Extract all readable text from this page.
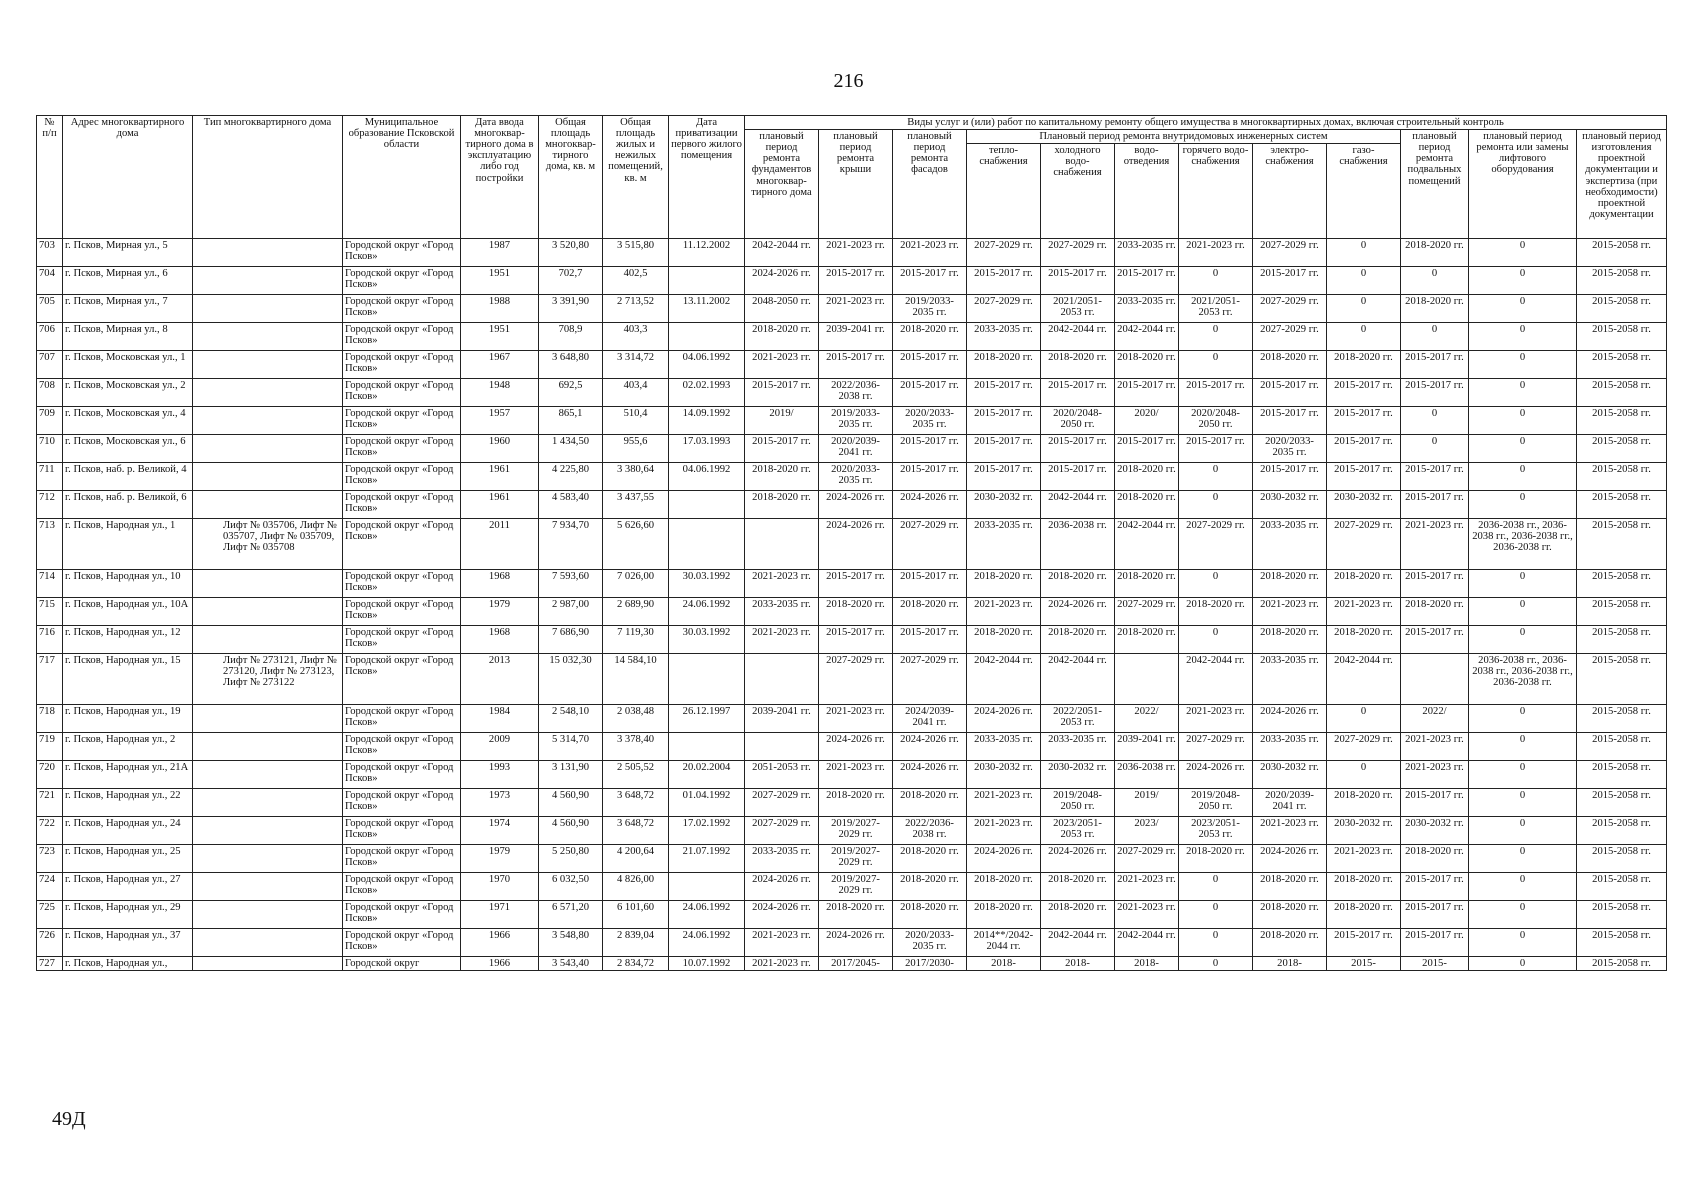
216
№ п/п	Адрес многоквартирного дома	Тип многоквартирного дома	Муниципальное образование Псковской области	Дата ввода многоквар-тирного дома в эксплуатацию либо год постройки	Общая площадь многоквар-тирного дома, кв. м	Общая площадь жилых и нежилых помещений, кв. м	Дата приватизации первого жилого помещения	Виды услуг и (или) работ по капитальному ремонту общего имущества в многоквартирных домах, включая строительный контроль											
								плановый период ремонта фундаментов многоквар-тирного дома	плановый период ремонта крыши	плановый период ремонта фасадов	Плановый период ремонта внутридомовых инженерных систем						плановый период ремонта подвальных помещений	плановый период ремонта или замены лифтового оборудования	плановый период изготовления проектной документации и экспертиза (при необходимости) проектной документации
											тепло-снабжения	холодного водо-снабжения	водо-отведения	горячего водо-снабжения	электро-снабжения	газо-снабжения			
703	г. Псков, Мирная ул., 5		Городской округ «Город Псков»	1987	3 520,80	3 515,80	11.12.2002	2042-2044 гг.	2021-2023 гг.	2021-2023 гг.	2027-2029 гг.	2027-2029 гг.	2033-2035 гг.	2021-2023 гг.	2027-2029 гг.	0	2018-2020 гг.	0	2015-2058 гг.
704	г. Псков, Мирная ул., 6		Городской округ «Город Псков»	1951	702,7	402,5		2024-2026 гг.	2015-2017 гг.	2015-2017 гг.	2015-2017 гг.	2015-2017 гг.	2015-2017 гг.	0	2015-2017 гг.	0	0	0	2015-2058 гг.
705	г. Псков, Мирная ул., 7		Городской округ «Город Псков»	1988	3 391,90	2 713,52	13.11.2002	2048-2050 гг.	2021-2023 гг.	2019/2033-2035 гг.	2027-2029 гг.	2021/2051-2053 гг.	2033-2035 гг.	2021/2051-2053 гг.	2027-2029 гг.	0	2018-2020 гг.	0	2015-2058 гг.
706	г. Псков, Мирная ул., 8		Городской округ «Город Псков»	1951	708,9	403,3		2018-2020 гг.	2039-2041 гг.	2018-2020 гг.	2033-2035 гг.	2042-2044 гг.	2042-2044 гг.	0	2027-2029 гг.	0	0	0	2015-2058 гг.
707	г. Псков, Московская ул., 1		Городской округ «Город Псков»	1967	3 648,80	3 314,72	04.06.1992	2021-2023 гг.	2015-2017 гг.	2015-2017 гг.	2018-2020 гг.	2018-2020 гг.	2018-2020 гг.	0	2018-2020 гг.	2018-2020 гг.	2015-2017 гг.	0	2015-2058 гг.
708	г. Псков, Московская ул., 2		Городской округ «Город Псков»	1948	692,5	403,4	02.02.1993	2015-2017 гг.	2022/2036-2038 гг.	2015-2017 гг.	2015-2017 гг.	2015-2017 гг.	2015-2017 гг.	2015-2017 гг.	2015-2017 гг.	2015-2017 гг.	2015-2017 гг.	0	2015-2058 гг.
709	г. Псков, Московская ул., 4		Городской округ «Город Псков»	1957	865,1	510,4	14.09.1992	2019/	2019/2033-2035 гг.	2020/2033-2035 гг.	2015-2017 гг.	2020/2048-2050 гг.	2020/	2020/2048-2050 гг.	2015-2017 гг.	2015-2017 гг.	0	0	2015-2058 гг.
710	г. Псков, Московская ул., 6		Городской округ «Город Псков»	1960	1 434,50	955,6	17.03.1993	2015-2017 гг.	2020/2039-2041 гг.	2015-2017 гг.	2015-2017 гг.	2015-2017 гг.	2015-2017 гг.	2015-2017 гг.	2020/2033-2035 гг.	2015-2017 гг.	0	0	2015-2058 гг.
711	г. Псков, наб. р. Великой, 4		Городской округ «Город Псков»	1961	4 225,80	3 380,64	04.06.1992	2018-2020 гг.	2020/2033-2035 гг.	2015-2017 гг.	2015-2017 гг.	2015-2017 гг.	2018-2020 гг.	0	2015-2017 гг.	2015-2017 гг.	2015-2017 гг.	0	2015-2058 гг.
712	г. Псков, наб. р. Великой, 6		Городской округ «Город Псков»	1961	4 583,40	3 437,55		2018-2020 гг.	2024-2026 гг.	2024-2026 гг.	2030-2032 гг.	2042-2044 гг.	2018-2020 гг.	0	2030-2032 гг.	2030-2032 гг.	2015-2017 гг.	0	2015-2058 гг.
713	г. Псков, Народная ул., 1	Лифт № 035706, Лифт № 035707, Лифт № 035709, Лифт № 035708	Городской округ «Город Псков»	2011	7 934,70	5 626,60			2024-2026 гг.	2027-2029 гг.	2033-2035 гг.	2036-2038 гг.	2042-2044 гг.	2027-2029 гг.	2033-2035 гг.	2027-2029 гг.	2021-2023 гг.	2036-2038 гг., 2036-2038 гг., 2036-2038 гг., 2036-2038 гг.	2015-2058 гг.
714	г. Псков, Народная ул., 10		Городской округ «Город Псков»	1968	7 593,60	7 026,00	30.03.1992	2021-2023 гг.	2015-2017 гг.	2015-2017 гг.	2018-2020 гг.	2018-2020 гг.	2018-2020 гг.	0	2018-2020 гг.	2018-2020 гг.	2015-2017 гг.	0	2015-2058 гг.
715	г. Псков, Народная ул., 10А		Городской округ «Город Псков»	1979	2 987,00	2 689,90	24.06.1992	2033-2035 гг.	2018-2020 гг.	2018-2020 гг.	2021-2023 гг.	2024-2026 гг.	2027-2029 гг.	2018-2020 гг.	2021-2023 гг.	2021-2023 гг.	2018-2020 гг.	0	2015-2058 гг.
716	г. Псков, Народная ул., 12		Городской округ «Город Псков»	1968	7 686,90	7 119,30	30.03.1992	2021-2023 гг.	2015-2017 гг.	2015-2017 гг.	2018-2020 гг.	2018-2020 гг.	2018-2020 гг.	0	2018-2020 гг.	2018-2020 гг.	2015-2017 гг.	0	2015-2058 гг.
717	г. Псков, Народная ул., 15	Лифт № 273121, Лифт № 273120, Лифт № 273123, Лифт № 273122	Городской округ «Город Псков»	2013	15 032,30	14 584,10			2027-2029 гг.	2027-2029 гг.	2042-2044 гг.	2042-2044 гг.		2042-2044 гг.	2033-2035 гг.	2042-2044 гг.		2036-2038 гг., 2036-2038 гг., 2036-2038 гг., 2036-2038 гг.	2015-2058 гг.
718	г. Псков, Народная ул., 19		Городской округ «Город Псков»	1984	2 548,10	2 038,48	26.12.1997	2039-2041 гг.	2021-2023 гг.	2024/2039-2041 гг.	2024-2026 гг.	2022/2051-2053 гг.	2022/	2021-2023 гг.	2024-2026 гг.	0	2022/	0	2015-2058 гг.
719	г. Псков, Народная ул., 2		Городской округ «Город Псков»	2009	5 314,70	3 378,40			2024-2026 гг.	2024-2026 гг.	2033-2035 гг.	2033-2035 гг.	2039-2041 гг.	2027-2029 гг.	2033-2035 гг.	2027-2029 гг.	2021-2023 гг.	0	2015-2058 гг.
720	г. Псков, Народная ул., 21А		Городской округ «Город Псков»	1993	3 131,90	2 505,52	20.02.2004	2051-2053 гг.	2021-2023 гг.	2024-2026 гг.	2030-2032 гг.	2030-2032 гг.	2036-2038 гг.	2024-2026 гг.	2030-2032 гг.	0	2021-2023 гг.	0	2015-2058 гг.
721	г. Псков, Народная ул., 22		Городской округ «Город Псков»	1973	4 560,90	3 648,72	01.04.1992	2027-2029 гг.	2018-2020 гг.	2018-2020 гг.	2021-2023 гг.	2019/2048-2050 гг.	2019/	2019/2048-2050 гг.	2020/2039-2041 гг.	2018-2020 гг.	2015-2017 гг.	0	2015-2058 гг.
722	г. Псков, Народная ул., 24		Городской округ «Город Псков»	1974	4 560,90	3 648,72	17.02.1992	2027-2029 гг.	2019/2027-2029 гг.	2022/2036-2038 гг.	2021-2023 гг.	2023/2051-2053 гг.	2023/	2023/2051-2053 гг.	2021-2023 гг.	2030-2032 гг.	2030-2032 гг.	0	2015-2058 гг.
723	г. Псков, Народная ул., 25		Городской округ «Город Псков»	1979	5 250,80	4 200,64	21.07.1992	2033-2035 гг.	2019/2027-2029 гг.	2018-2020 гг.	2024-2026 гг.	2024-2026 гг.	2027-2029 гг.	2018-2020 гг.	2024-2026 гг.	2021-2023 гг.	2018-2020 гг.	0	2015-2058 гг.
724	г. Псков, Народная ул., 27		Городской округ «Город Псков»	1970	6 032,50	4 826,00		2024-2026 гг.	2019/2027-2029 гг.	2018-2020 гг.	2018-2020 гг.	2018-2020 гг.	2021-2023 гг.	0	2018-2020 гг.	2018-2020 гг.	2015-2017 гг.	0	2015-2058 гг.
725	г. Псков, Народная ул., 29		Городской округ «Город Псков»	1971	6 571,20	6 101,60	24.06.1992	2024-2026 гг.	2018-2020 гг.	2018-2020 гг.	2018-2020 гг.	2018-2020 гг.	2021-2023 гг.	0	2018-2020 гг.	2018-2020 гг.	2015-2017 гг.	0	2015-2058 гг.
726	г. Псков, Народная ул., 37		Городской округ «Город Псков»	1966	3 548,80	2 839,04	24.06.1992	2021-2023 гг.	2024-2026 гг.	2020/2033-2035 гг.	2014**/2042-2044 гг.	2042-2044 гг.	2042-2044 гг.	0	2018-2020 гг.	2015-2017 гг.	2015-2017 гг.	0	2015-2058 гг.
727	г. Псков, Народная ул.,		Городской округ	1966	3 543,40	2 834,72	10.07.1992	2021-2023 гг.	2017/2045-	2017/2030-	2018-	2018-	2018-	0	2018-	2015-	2015-	0	2015-2058 гг.
49Д
